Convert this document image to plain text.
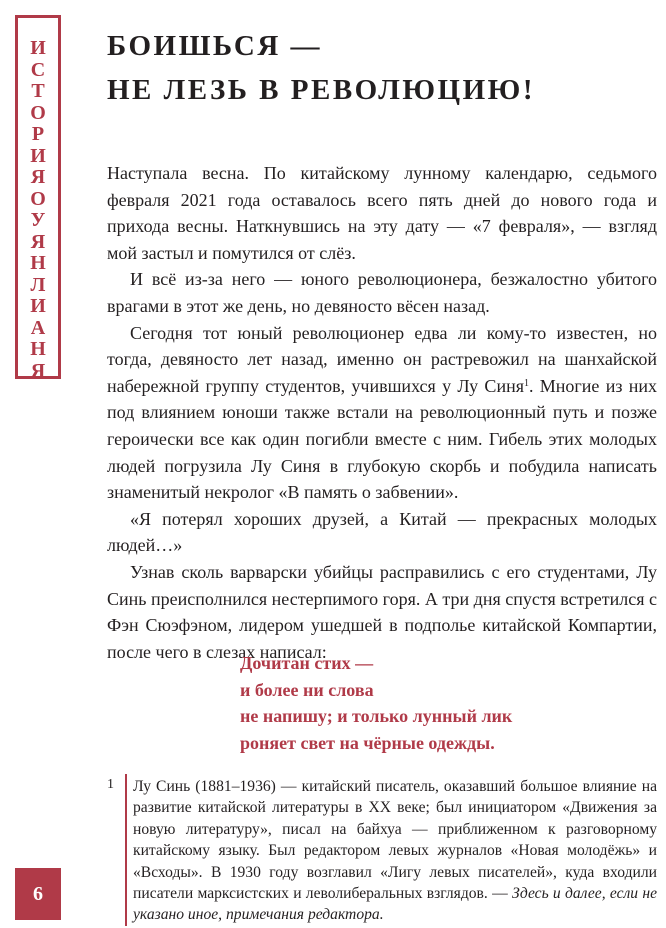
И
С
Т
О
Р
И
Я
О
У
Я
Н
Л
И
А
Н
Я
6
БОИШЬСЯ —
НЕ ЛЕЗЬ В РЕВОЛЮЦИЮ!

Наступала весна. По китайскому лунному календарю, седьмого февраля 2021 года оставалось всего пять дней до нового года и прихода весны. Наткнувшись на эту дату — «7 февраля», — взгляд мой застыл и помутился от слёз.

И всё из-за него — юного революционера, безжалостно убитого врагами в этот же день, но девяносто вёсен назад.

Сегодня тот юный революционер едва ли кому-то известен, но тогда, девяносто лет назад, именно он растревожил на шанхайской набережной группу студентов, учившихся у Лу Синя$^1$. Многие из них под влиянием юноши также встали на революционный путь и позже героически все как один погибли вместе с ним. Гибель этих молодых людей погрузила Лу Синя в глубокую скорбь и побудила написать знаменитый некролог «В память о забвении».

«Я потерял хороших друзей, а Китай — прекрасных молодых людей…»

Узнав сколь варварски убийцы расправились с его студентами, Лу Синь преисполнился нестерпимого горя. А три дня спустя встретился с Фэн Сюэфэном, лидером ушедшей в подполье китайской Компартии, после чего в слезах написал:

Дочитан стих —
и более ни слова
не напишу; и только лунный лик
роняет свет на чёрные одежды.
1 Лу Синь (1881–1936) — китайский писатель, оказавший большое влияние на развитие китайской литературы в XX веке; был инициатором «Движения за новую литературу», писал на байхуа — приближенном к разговорному китайскому языку. Был редактором левых журналов «Новая молодёжь» и «Всходы». В 1930 году возглавил «Лигу левых писателей», куда входили писатели марксистских и леволиберальных взглядов. — Здесь и далее, если не указано иное, примечания редактора.
